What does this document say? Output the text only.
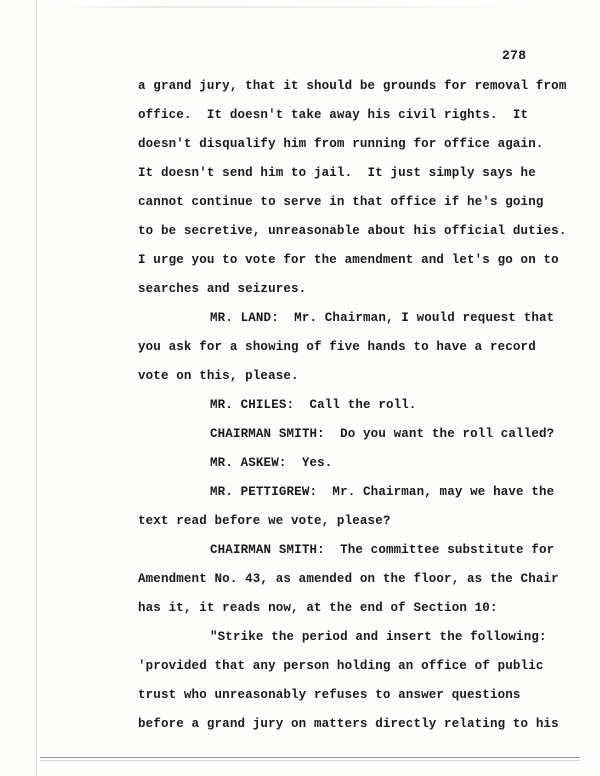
278
a grand jury, that it should be grounds for removal from
office.  It doesn't take away his civil rights.  It
doesn't disqualify him from running for office again.
It doesn't send him to jail.  It just simply says he
cannot continue to serve in that office if he's going
to be secretive, unreasonable about his official duties.
I urge you to vote for the amendment and let's go on to
searches and seizures.
MR. LAND:  Mr. Chairman, I would request that
you ask for a showing of five hands to have a record
vote on this, please.
MR. CHILES:  Call the roll.
CHAIRMAN SMITH:  Do you want the roll called?
MR. ASKEW:  Yes.
MR. PETTIGREW:  Mr. Chairman, may we have the
text read before we vote, please?
CHAIRMAN SMITH:  The committee substitute for
Amendment No. 43, as amended on the floor, as the Chair
has it, it reads now, at the end of Section 10:
"Strike the period and insert the following:
'provided that any person holding an office of public
trust who unreasonably refuses to answer questions
before a grand jury on matters directly relating to his
